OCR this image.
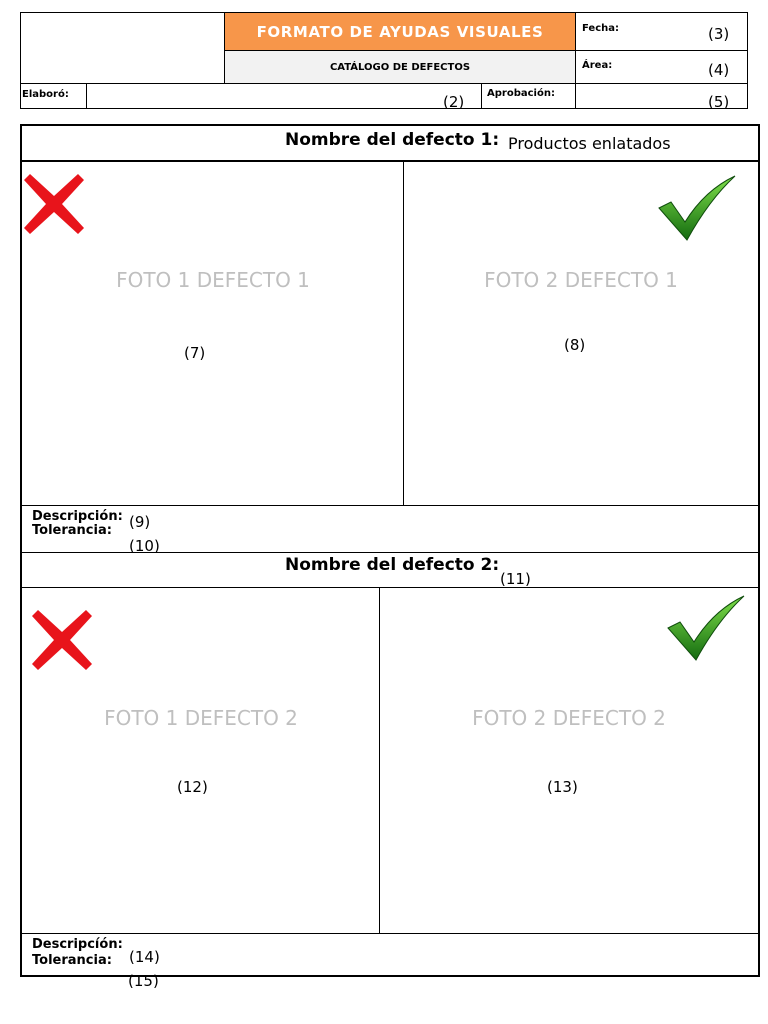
FORMATO DE AYUDAS VISUALES
CATÁLOGO DE DEFECTOS
Fecha:	(3)
Área:	(4)
Elaboró:	(2) Aprobación:	(5)
Nombre del defecto 1: Productos enlatados
FOTO 1 DEFECTO 1
(7)
FOTO 2 DEFECTO 1
(8)
Descripción:
Tolerancia: (9)
(10)
Nombre del defecto 2:
(11)
FOTO 1 DEFECTO 2
(12)
FOTO 2 DEFECTO 2
(13)
Descripcíón:
Tolerancia: (14)
(15)
